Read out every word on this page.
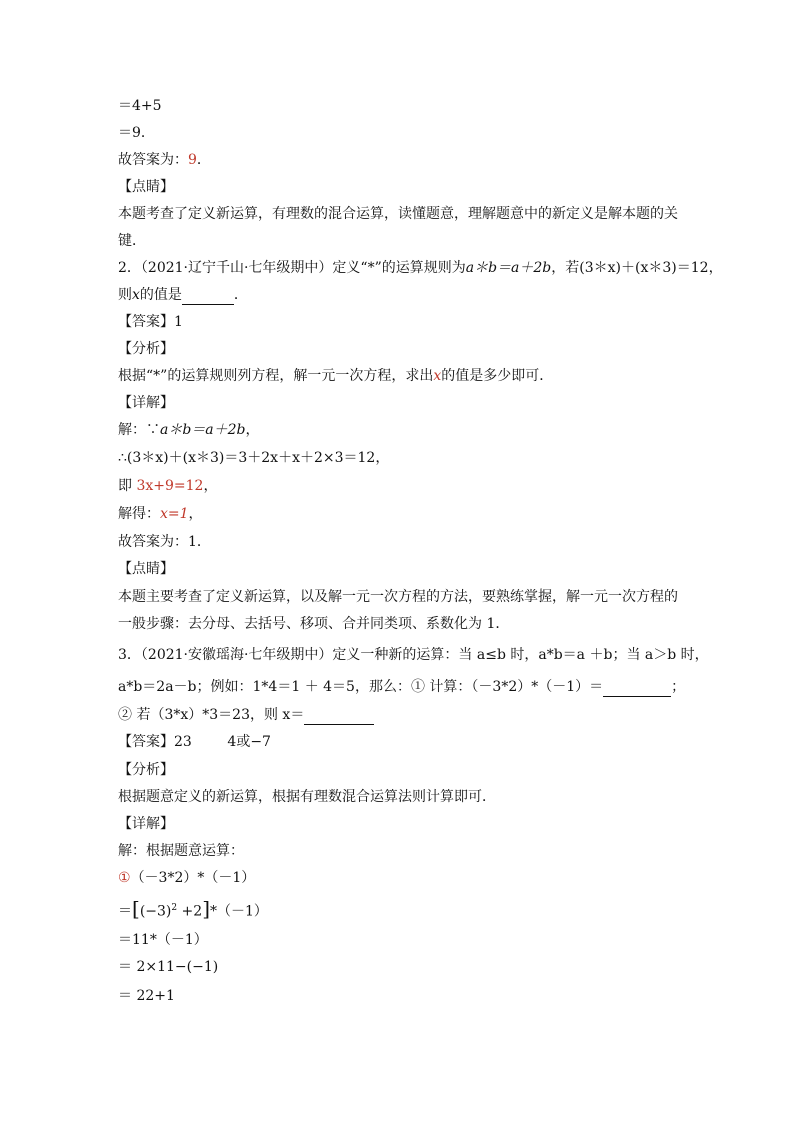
＝4+5
＝9．
故答案为：9．
【点睛】
本题考查了定义新运算，有理数的混合运算，读懂题意，理解题意中的新定义是解本题的关
键．
2．（2021·辽宁千山·七年级期中）定义“*”的运算规则为a＊b＝a＋2b，若(3＊x)＋(x＊3)＝12，
则x的值是	．
【答案】1
【分析】
根据“*”的运算规则列方程，解一元一次方程，求出x的值是多少即可．
【详解】
解：∵a＊b＝a＋2b，
∴(3＊x)＋(x＊3)＝3＋2x＋x＋2×3＝12，
即 3x+9=12，
解得：x=1，
故答案为：1．
【点睛】
本题主要考查了定义新运算，以及解一元一次方程的方法，要熟练掌握，解一元一次方程的
一般步骤：去分母、去括号、移项、合并同类项、系数化为 1．
3．（2021·安徽瑶海·七年级期中）定义一种新的运算：当 a≤b 时，a*b＝a ＋b；当 a＞b 时，
a*b＝2a－b；例如：1*4＝1 ＋ 4＝5，那么：① 计算：（－3*2）*（－1）＝	；
② 若（3*x）*3＝23，则 x＝
【答案】23        4或−7
【分析】
根据题意定义的新运算，根据有理数混合运算法则计算即可．
【详解】
解：根据题意运算：
①（－3*2）*（－1）
$=[(-3)^2 +2]*(-1)$
＝11*（－1）
＝ 2×11−(−1)
＝ 22+1
